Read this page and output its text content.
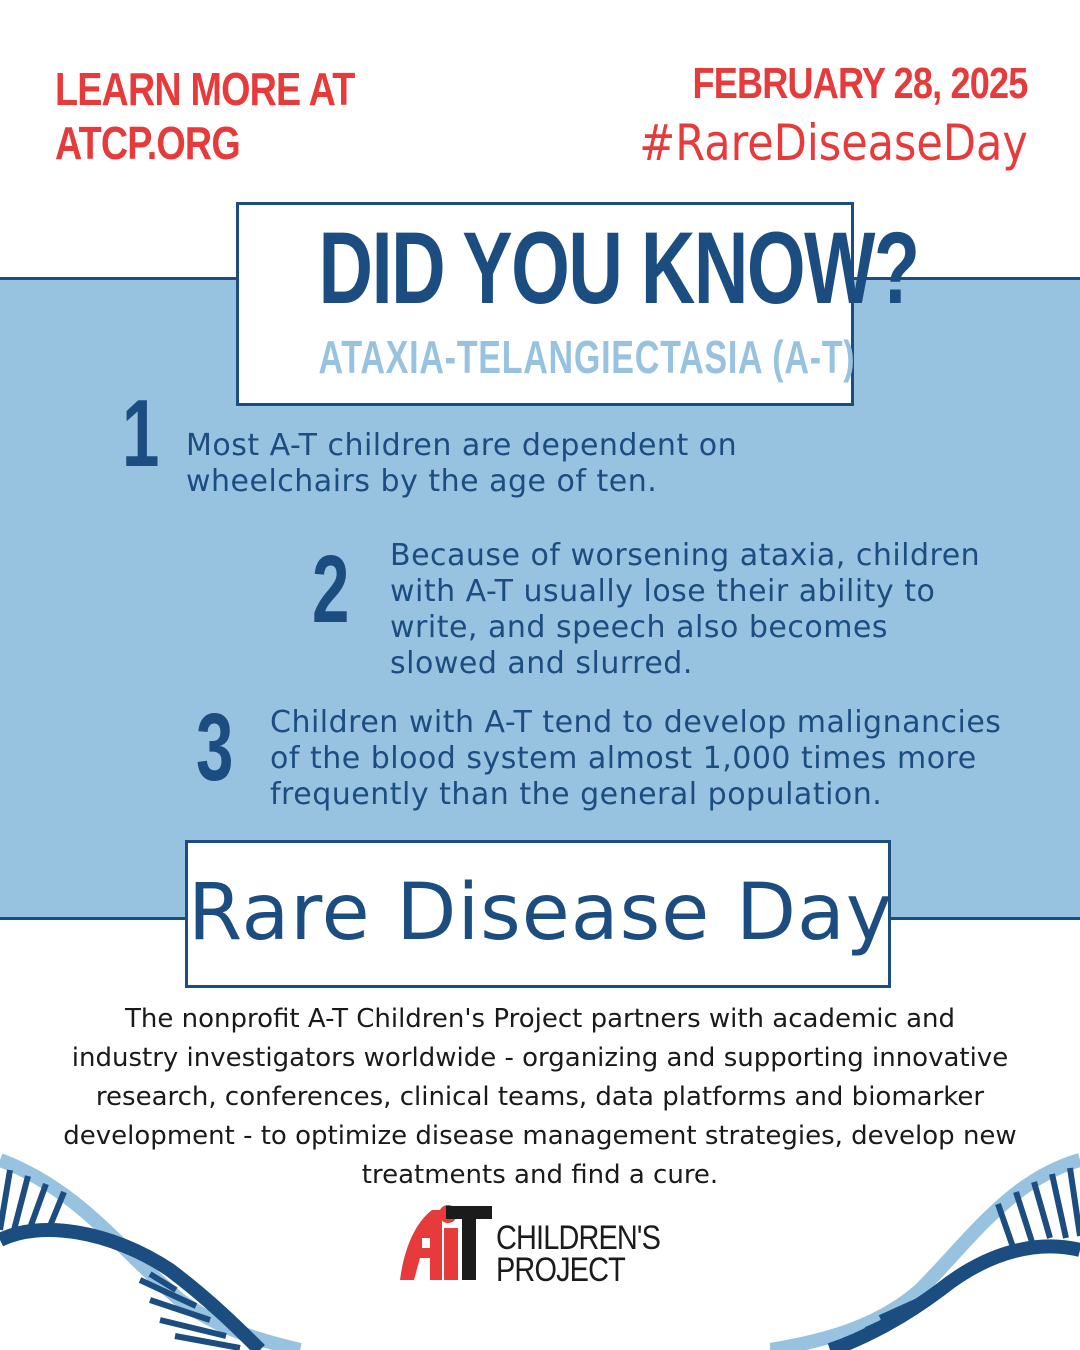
LEARN MORE AT
ATCP.ORG
FEBRUARY 28, 2025
#RareDiseaseDay
DID YOU KNOW?
ATAXIA-TELANGIECTASIA (A-T)
1 Most A-T children are dependent on
wheelchairs by the age of ten.
2 Because of worsening ataxia, children
with A-T usually lose their ability to
write, and speech also becomes
slowed and slurred.
3 Children with A-T tend to develop malignancies
of the blood system almost 1,000 times more
frequently than the general population.
Rare Disease Day
The nonprofit A-T Children's Project partners with academic and
industry investigators worldwide - organizing and supporting innovative
research, conferences, clinical teams, data platforms and biomarker
development - to optimize disease management strategies, develop new
treatments and find a cure.
CHILDREN'S
PROJECT
